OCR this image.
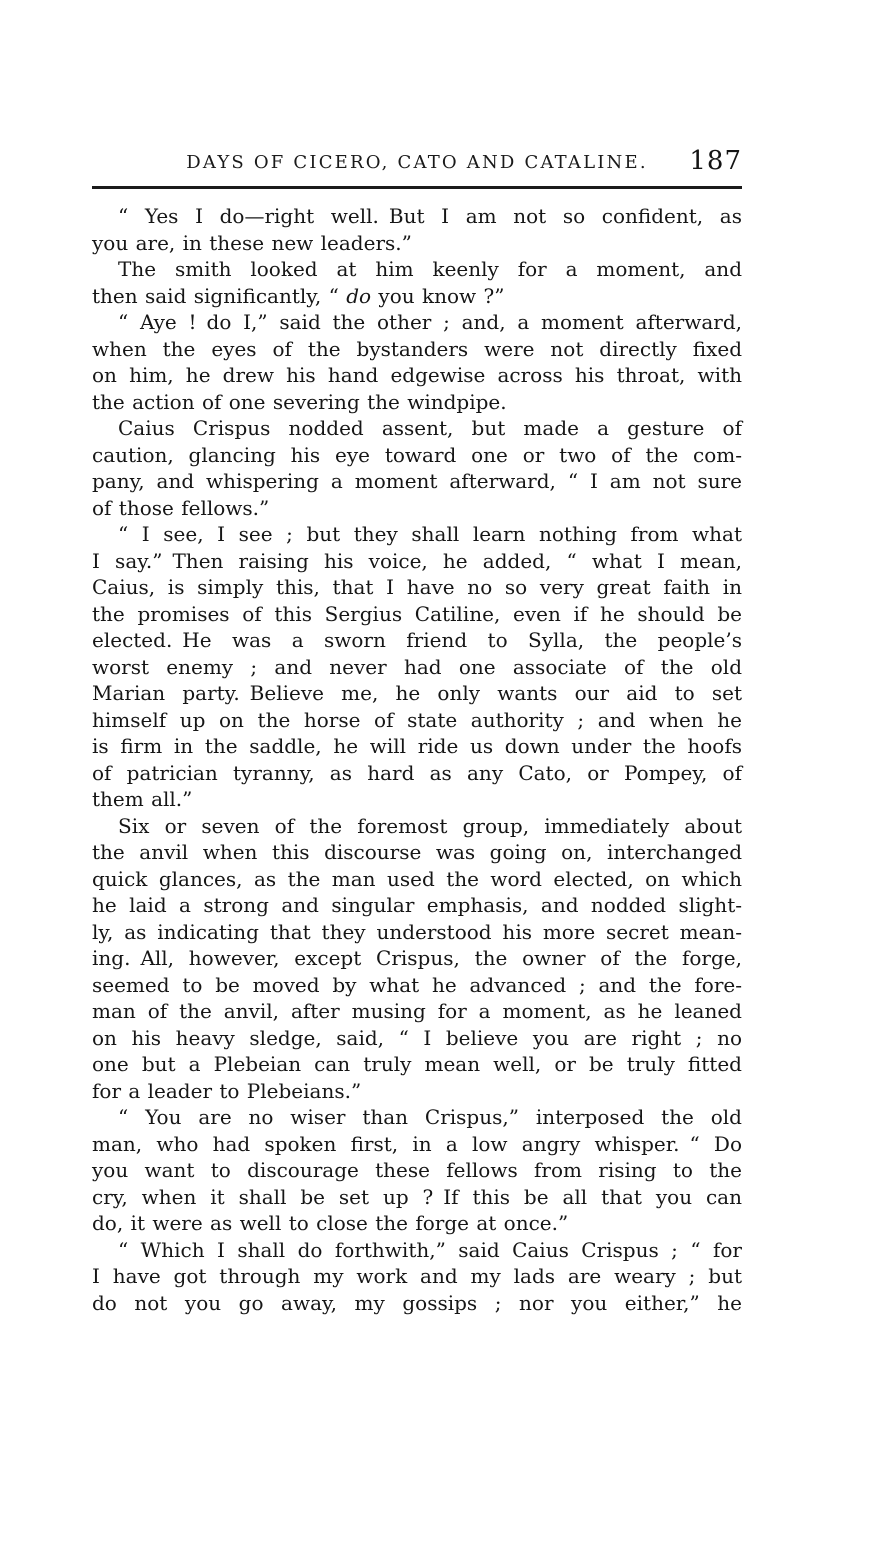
DAYS OF CICERO, CATO AND CATALINE.	187

“ Yes I do—right well. But I am not so confident, as
you are, in these new leaders.”

The smith looked at him keenly for a moment, and
then said significantly, “ do you know ?”

“ Aye ! do I,” said the other ; and, a moment afterward,
when the eyes of the bystanders were not directly fixed
on him, he drew his hand edgewise across his throat, with
the action of one severing the windpipe.

Caius Crispus nodded assent, but made a gesture of
caution, glancing his eye toward one or two of the com-
pany, and whispering a moment afterward, “ I am not sure
of those fellows.”

“ I see, I see ; but they shall learn nothing from what
I say.” Then raising his voice, he added, “ what I mean,
Caius, is simply this, that I have no so very great faith in
the promises of this Sergius Catiline, even if he should be
elected. He was a sworn friend to Sylla, the people’s
worst enemy ; and never had one associate of the old
Marian party. Believe me, he only wants our aid to set
himself up on the horse of state authority ; and when he
is firm in the saddle, he will ride us down under the hoofs
of patrician tyranny, as hard as any Cato, or Pompey, of
them all.”

Six or seven of the foremost group, immediately about
the anvil when this discourse was going on, interchanged
quick glances, as the man used the word elected, on which
he laid a strong and singular emphasis, and nodded slight-
ly, as indicating that they understood his more secret mean-
ing. All, however, except Crispus, the owner of the forge,
seemed to be moved by what he advanced ; and the fore-
man of the anvil, after musing for a moment, as he leaned
on his heavy sledge, said, “ I believe you are right ; no
one but a Plebeian can truly mean well, or be truly fitted
for a leader to Plebeians.”

“ You are no wiser than Crispus,” interposed the old
man, who had spoken first, in a low angry whisper. “ Do
you want to discourage these fellows from rising to the
cry, when it shall be set up ? If this be all that you can
do, it were as well to close the forge at once.”

“ Which I shall do forthwith,” said Caius Crispus ; “ for
I have got through my work and my lads are weary ; but
do not you go away, my gossips ; nor you either,” he
